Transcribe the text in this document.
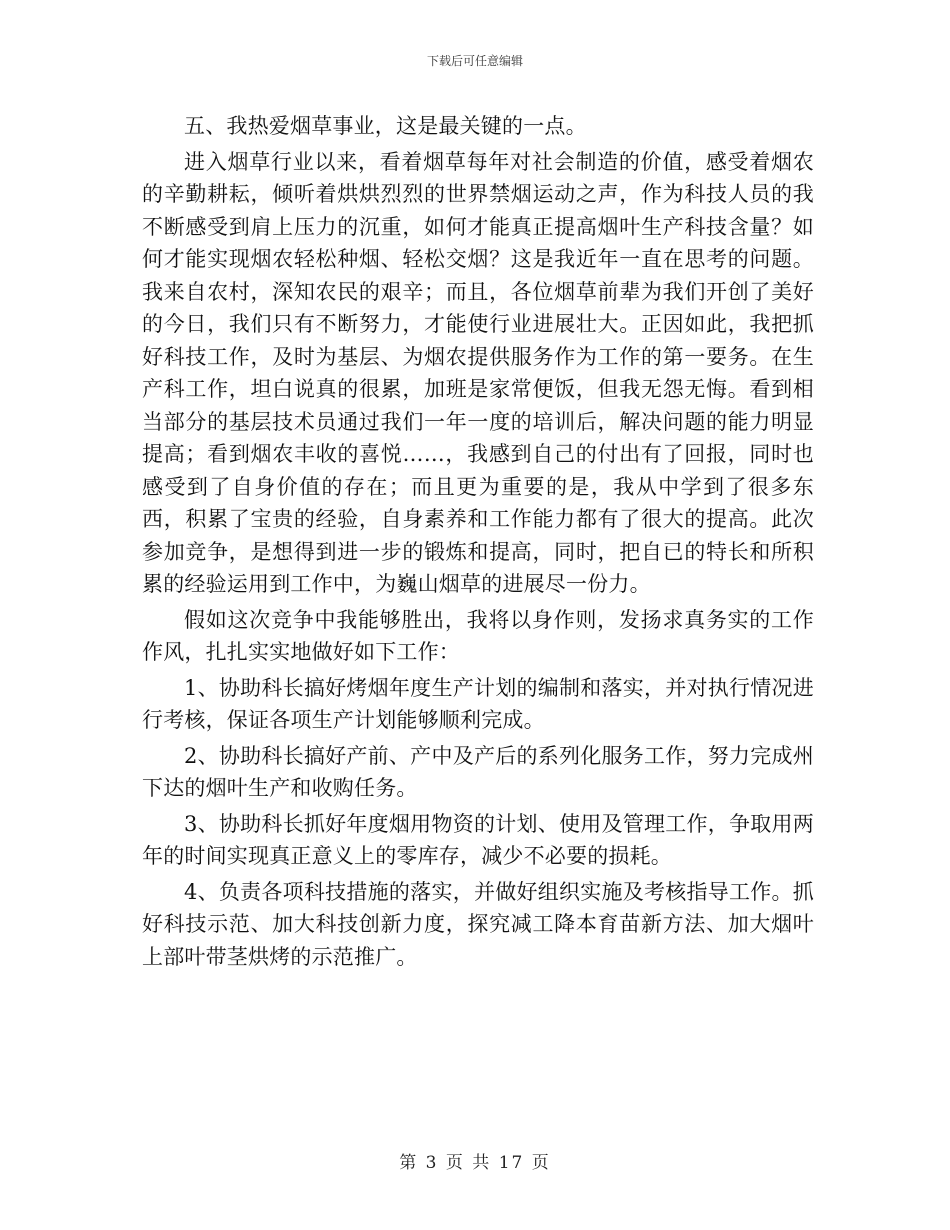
下载后可任意编辑

五、我热爱烟草事业，这是最关键的一点。

进入烟草行业以来，看着烟草每年对社会制造的价值，感受着烟农的辛勤耕耘，倾听着烘烘烈烈的世界禁烟运动之声，作为科技人员的我不断感受到肩上压力的沉重，如何才能真正提高烟叶生产科技含量？如何才能实现烟农轻松种烟、轻松交烟？这是我近年一直在思考的问题。我来自农村，深知农民的艰辛；而且，各位烟草前辈为我们开创了美好的今日，我们只有不断努力，才能使行业进展壮大。正因如此，我把抓好科技工作，及时为基层、为烟农提供服务作为工作的第一要务。在生产科工作，坦白说真的很累，加班是家常便饭，但我无怨无悔。看到相当部分的基层技术员通过我们一年一度的培训后，解决问题的能力明显提高；看到烟农丰收的喜悦……，我感到自己的付出有了回报，同时也感受到了自身价值的存在；而且更为重要的是，我从中学到了很多东西，积累了宝贵的经验，自身素养和工作能力都有了很大的提高。此次参加竞争，是想得到进一步的锻炼和提高，同时，把自已的特长和所积累的经验运用到工作中，为巍山烟草的进展尽一份力。

假如这次竞争中我能够胜出，我将以身作则，发扬求真务实的工作作风，扎扎实实地做好如下工作：

1、协助科长搞好烤烟年度生产计划的编制和落实，并对执行情况进行考核，保证各项生产计划能够顺利完成。

2、协助科长搞好产前、产中及产后的系列化服务工作，努力完成州下达的烟叶生产和收购任务。

3、协助科长抓好年度烟用物资的计划、使用及管理工作，争取用两年的时间实现真正意义上的零库存，减少不必要的损耗。

4、负责各项科技措施的落实，并做好组织实施及考核指导工作。抓好科技示范、加大科技创新力度，探究减工降本育苗新方法、加大烟叶上部叶带茎烘烤的示范推广。

第 3 页 共 17 页
